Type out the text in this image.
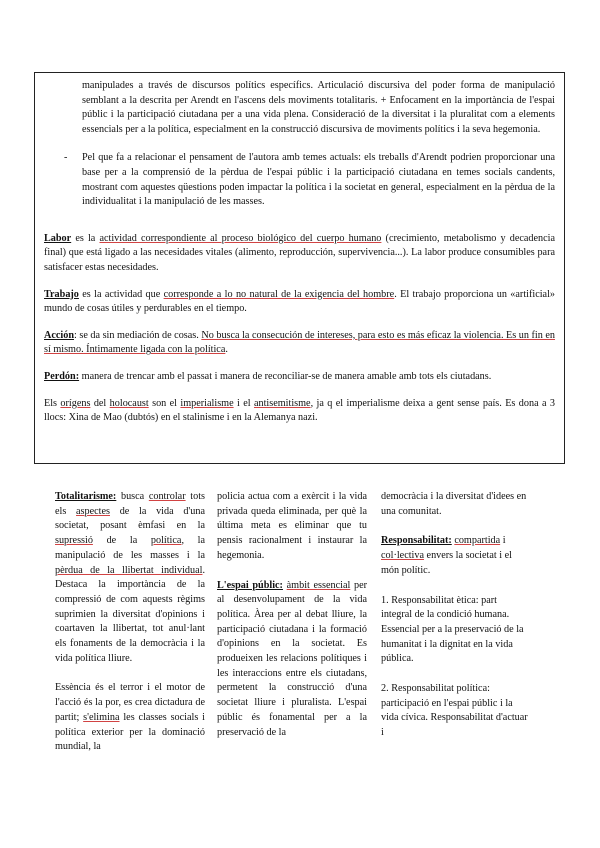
manipulades a través de discursos polítics específics. Articulació discursiva del poder forma de manipulació semblant a la descrita per Arendt en l'ascens dels moviments totalitaris. + Enfocament en la importància de l'espai públic i la participació ciutadana per a una vida plena. Consideració de la diversitat i la pluralitat com a elements essencials per a la política, especialment en la construcció discursiva de moviments polítics i la seva hegemonia.

-	Pel que fa a relacionar el pensament de l'autora amb temes actuals: els treballs d'Arendt podrien proporcionar una base per a la comprensió de la pèrdua de l'espai públic i la participació ciutadana en temes socials candents, mostrant com aquestes qüestions poden impactar la política i la societat en general, especialment en la pèrdua de la individualitat i la manipulació de les masses.

Labor es la actividad correspondiente al proceso biológico del cuerpo humano (crecimiento, metabolismo y decadencia final) que está ligado a las necesidades vitales (alimento, reproducción, supervivencia...). La labor produce consumibles para satisfacer estas necesidades.

Trabajo es la actividad que corresponde a lo no natural de la exigencia del hombre. El trabajo proporciona un «artificial» mundo de cosas útiles y perdurables en el tiempo.

Acción: se da sin mediación de cosas. No busca la consecución de intereses, para esto es más eficaz la violencia. Es un fin en sí mismo. Íntimamente ligada con la política.

Perdón: manera de trencar amb el passat i manera de reconciliar-se de manera amable amb tots els ciutadans.

Els orígens del holocaust son el imperialisme i el antisemitisme, ja q el imperialisme deixa a gent sense país. Es dona a 3 llocs: Xina de Mao (dubtós) en el stalinisme i en la Alemanya nazi.

Totalitarisme: busca controlar tots els aspectes de la vida d'una societat, posant èmfasi en la supressió de la política, la manipulació de les masses i la pèrdua de la llibertat individual. Destaca la importància de la compressió de com aquests règims suprimien la diversitat d'opinions i coartaven la llibertat, tot anul·lant els fonaments de la democràcia i la vida política lliure.

Essència és el terror i el motor de l'acció és la por, es crea dictadura de partit; s'elimina les classes socials i política exterior per la dominació mundial, la

policia actua com a exèrcit i la vida privada queda eliminada, per què la última meta es eliminar que tu pensis racionalment i instaurar la hegemonia.

L'espai públic: àmbit essencial per al desenvolupament de la vida política. Àrea per al debat lliure, la participació ciutadana i la formació d'opinions en la societat. Es produeixen les relacions polítiques i les interaccions entre els ciutadans, permetent la construcció d'una societat lliure i pluralista. L'espai públic és fonamental per a la preservació de la

democràcia i la diversitat d'idees en una comunitat.

Responsabilitat: compartida i col·lectiva envers la societat i el món polític.

1. Responsabilitat ètica: part integral de la condició humana. Essencial per a la preservació de la humanitat i la dignitat en la vida pública.

2. Responsabilitat política: participació en l'espai públic i la vida cívica. Responsabilitat d'actuar i
